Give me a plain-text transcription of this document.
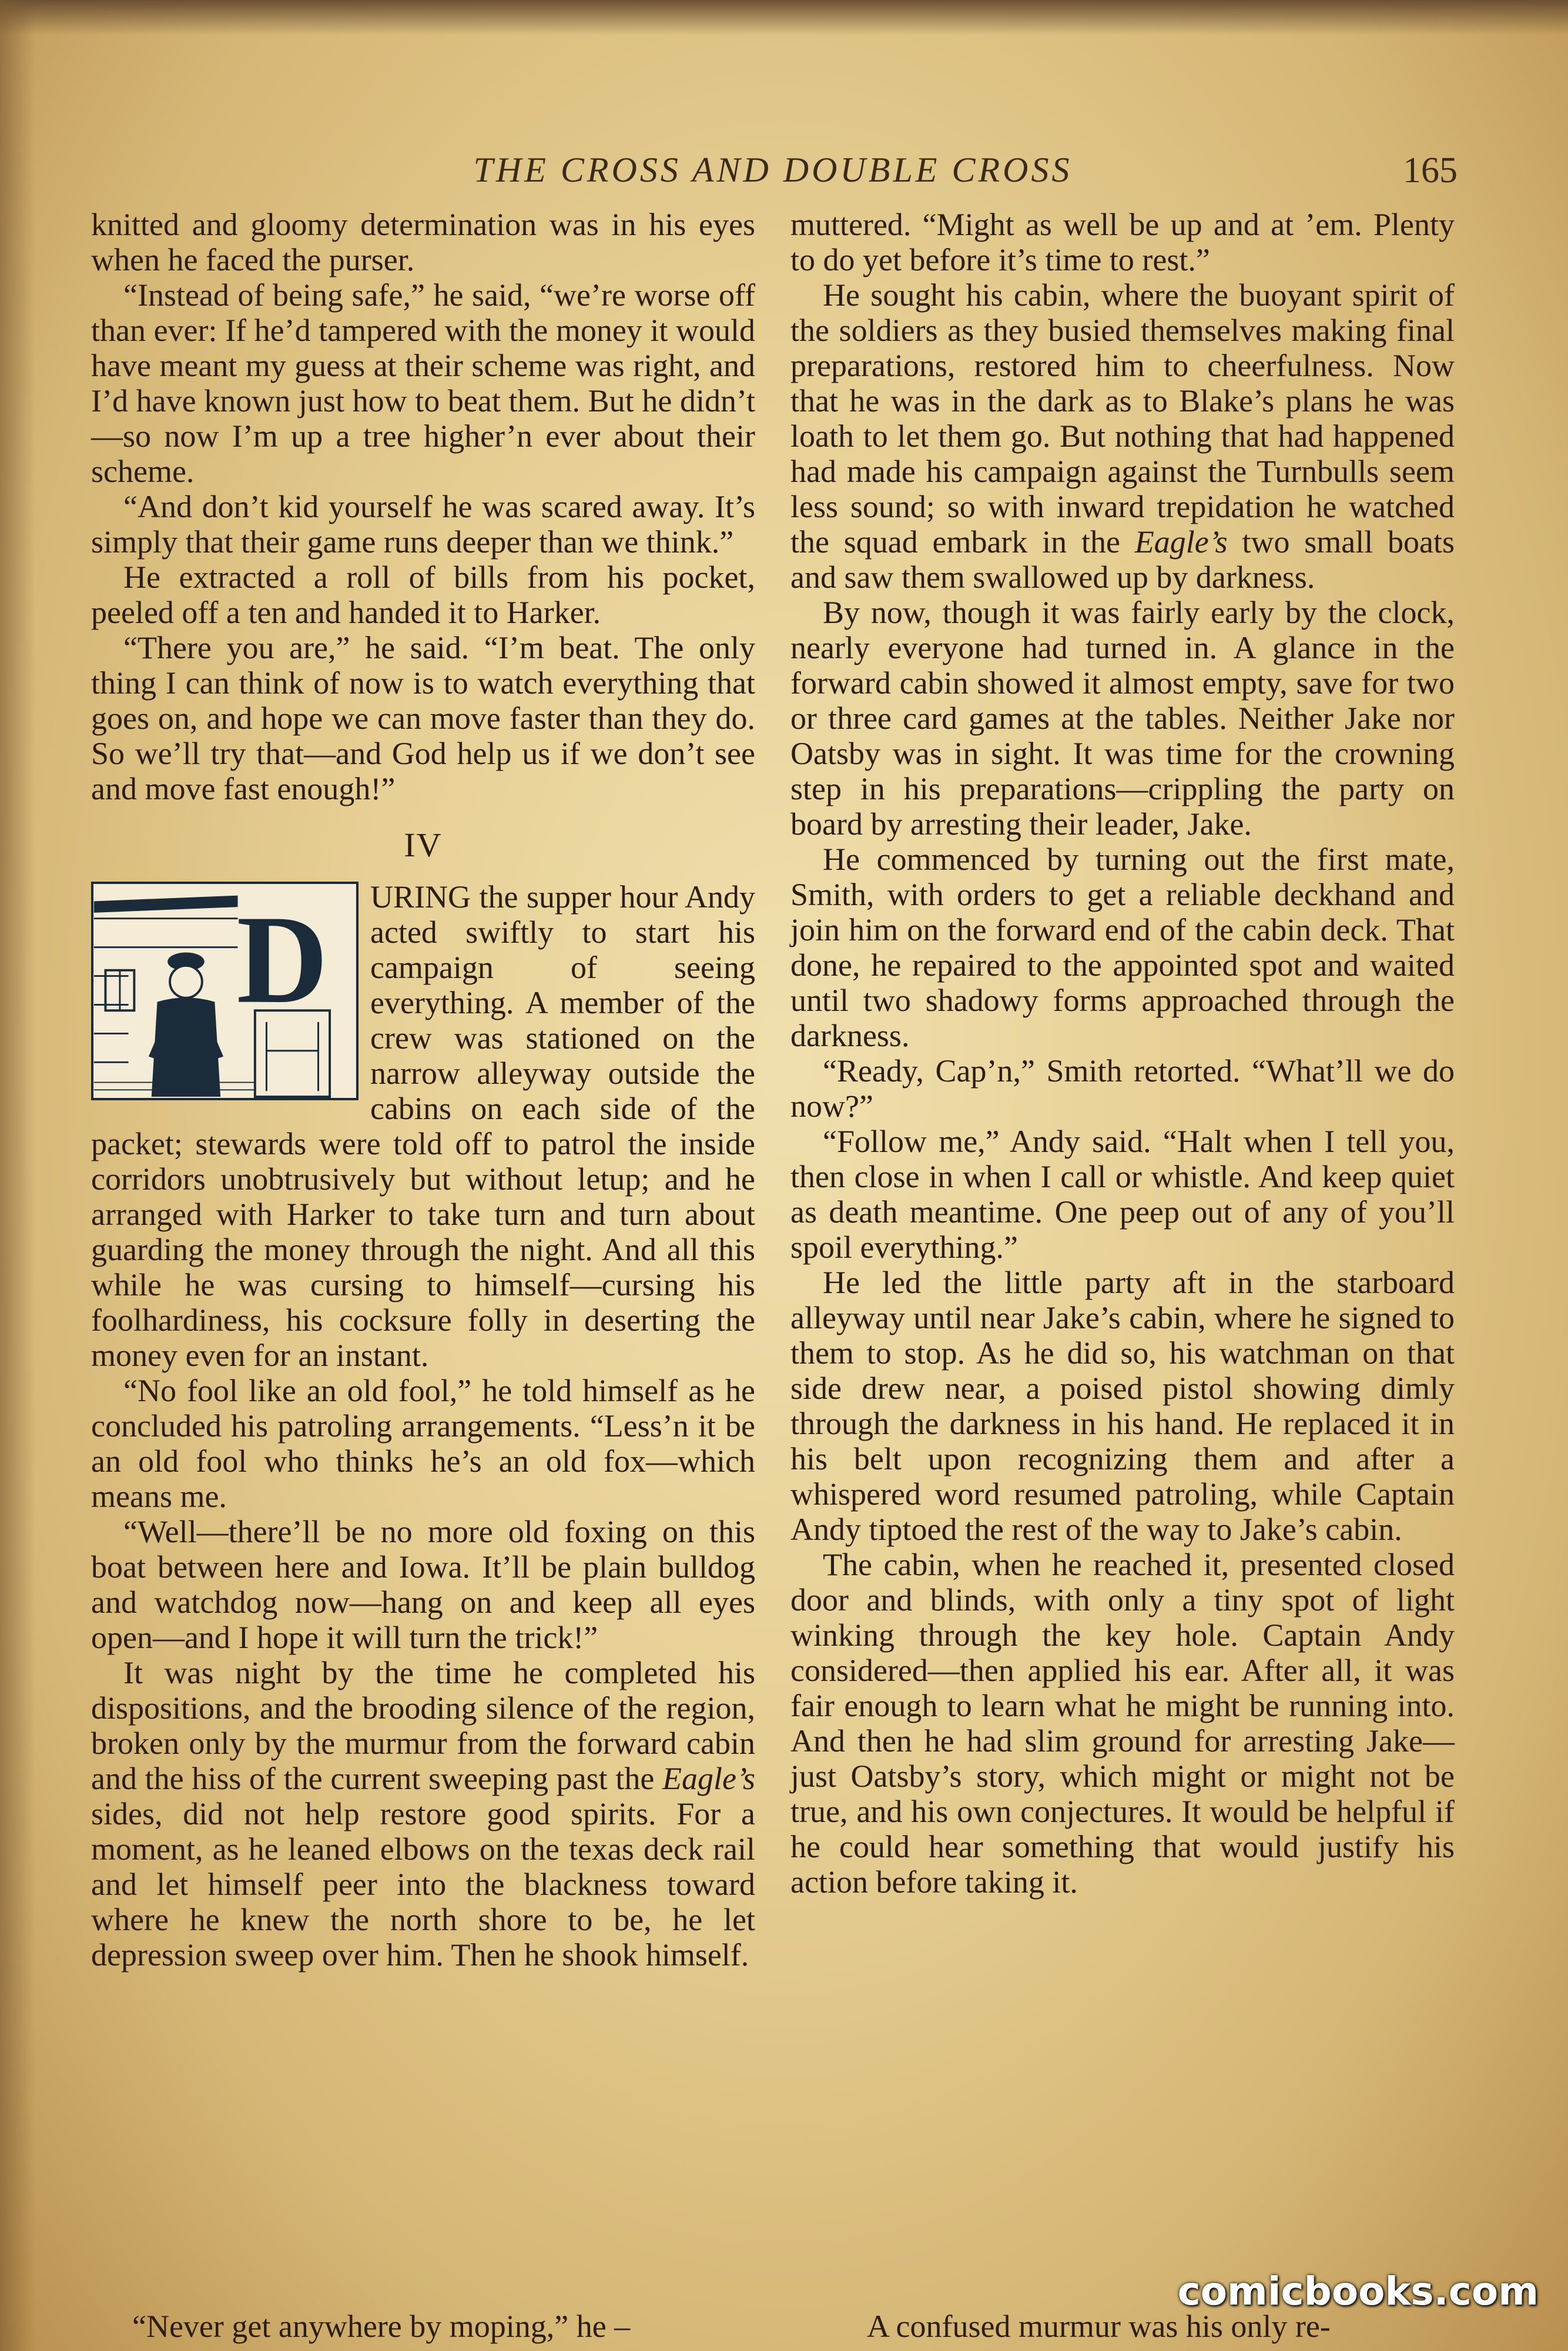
THE CROSS AND DOUBLE CROSS	165

knitted and gloomy determination was in his eyes when he faced the purser.

“Instead of being safe,” he said, “we’re worse off than ever: If he’d tampered with the money it would have meant my guess at their scheme was right, and I’d have known just how to beat them. But he didn’t—so now I’m up a tree higher’n ever about their scheme.

“And don’t kid yourself he was scared away. It’s simply that their game runs deeper than we think.”

He extracted a roll of bills from his pocket, peeled off a ten and handed it to Harker.

“There you are,” he said. “I’m beat. The only thing I can think of now is to watch everything that goes on, and hope we can move faster than they do. So we’ll try that—and God help us if we don’t see and move fast enough!”

IV
D	URING the supper hour Andy acted swiftly to start his campaign of seeing everything. A member of the crew was stationed on the narrow alleyway outside the cabins on each side of the packet; stewards were told off to patrol the inside corridors unobtrusively but without letup; and he arranged with Harker to take turn and turn about guarding the money through the night. And all this while he was cursing to himself—cursing his foolhardiness, his cocksure folly in deserting the money even for an instant.

“No fool like an old fool,” he told himself as he concluded his patroling arrangements. “Less’n it be an old fool who thinks he’s an old fox—which means me.

“Well—there’ll be no more old foxing on this boat between here and Iowa. It’ll be plain bulldog and watchdog now—hang on and keep all eyes open—and I hope it will turn the trick!”

It was night by the time he completed his dispositions, and the brooding silence of the region, broken only by the murmur from the forward cabin and the hiss of the current sweeping past the Eagle’s sides, did not help restore good spirits. For a moment, as he leaned elbows on the texas deck rail and let himself peer into the blackness toward where he knew the north shore to be, he let depression sweep over him. Then he shook himself.

muttered. “Might as well be up and at ’em. Plenty to do yet before it’s time to rest.”

He sought his cabin, where the buoyant spirit of the soldiers as they busied themselves making final preparations, restored him to cheerfulness. Now that he was in the dark as to Blake’s plans he was loath to let them go. But nothing that had happened had made his campaign against the Turnbulls seem less sound; so with inward trepidation he watched the squad embark in the Eagle’s two small boats and saw them swallowed up by darkness.

By now, though it was fairly early by the clock, nearly everyone had turned in. A glance in the forward cabin showed it almost empty, save for two or three card games at the tables. Neither Jake nor Oatsby was in sight. It was time for the crowning step in his preparations—crippling the party on board by arresting their leader, Jake.

He commenced by turning out the first mate, Smith, with orders to get a reliable deckhand and join him on the forward end of the cabin deck. That done, he repaired to the appointed spot and waited until two shadowy forms approached through the darkness.

“Ready, Cap’n,” Smith retorted. “What’ll we do now?”

“Follow me,” Andy said. “Halt when I tell you, then close in when I call or whistle. And keep quiet as death meantime. One peep out of any of you’ll spoil everything.”

He led the little party aft in the starboard alleyway until near Jake’s cabin, where he signed to them to stop. As he did so, his watchman on that side drew near, a poised pistol showing dimly through the darkness in his hand. He replaced it in his belt upon recognizing them and after a whispered word resumed patroling, while Captain Andy tiptoed the rest of the way to Jake’s cabin.

The cabin, when he reached it, presented closed door and blinds, with only a tiny spot of light winking through the key hole. Captain Andy considered—then applied his ear. After all, it was fair enough to learn what he might be running into. And then he had slim ground for arresting Jake—just Oatsby’s story, which might or might not be true, and his own conjectures. It would be helpful if he could hear something that would justify his action before taking it.

“Never get anywhere by moping,” he –	A confused murmur was his only re-
comicbooks.com
